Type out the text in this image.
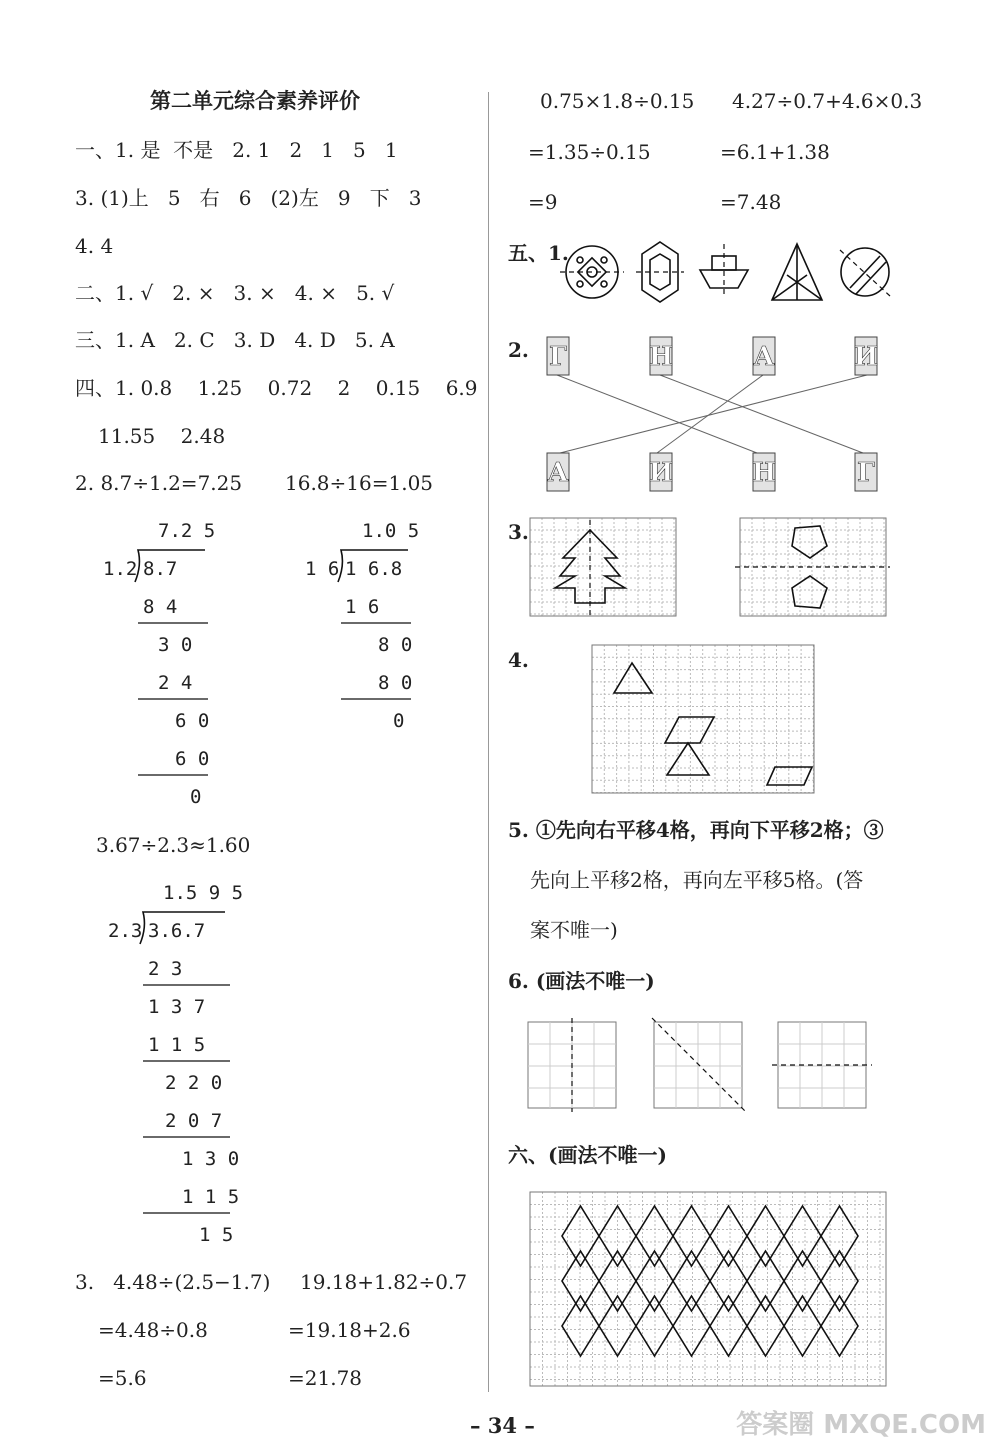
第二单元综合素养评价
一、1. 是  不是   2. 1   2   1   5   1
3. (1)上   5   右   6   (2)左   9   下   3
4. 4
二、1. √   2. ×   3. ×   4. ×   5. √
三、1. A   2. C   3. D   4. D   5. A
四、1. 0.8    1.25    0.72    2    0.15    6.9
11.55    2.48
2. 8.7÷1.2=7.25 16.8÷16=1.05
7.2 5
1.2 8.7
8 4
3 0
2 4
6 0
6 0
0
1.0 5
1 6 1 6.8
1 6
8 0
8 0
0
3.67÷2.3≈1.60
1.5 9 5
2.3 3.6.7
2 3
1 3 7
1 1 5
2 2 0
2 0 7
1 3 0
1 1 5
1 5
3.   4.48÷(2.5−1.7) 19.18+1.82÷0.7
=4.48÷0.8	=19.18+2.6
=5.6	=21.78
0.75×1.8÷0.15 4.27÷0.7+4.6×0.3
=1.35÷0.15	=6.1+1.38
=9	=7.48
五、1.
2. Г	Н	А	И
А	И	Н	Г
3.
4.
5. ①先向右平移4格，再向下平移2格；③
先向上平移2格，再向左平移5格。(答
案不唯一)
6. (画法不唯一)
六、(画法不唯一)
– 34 –	答案圈 MXQE.COM
